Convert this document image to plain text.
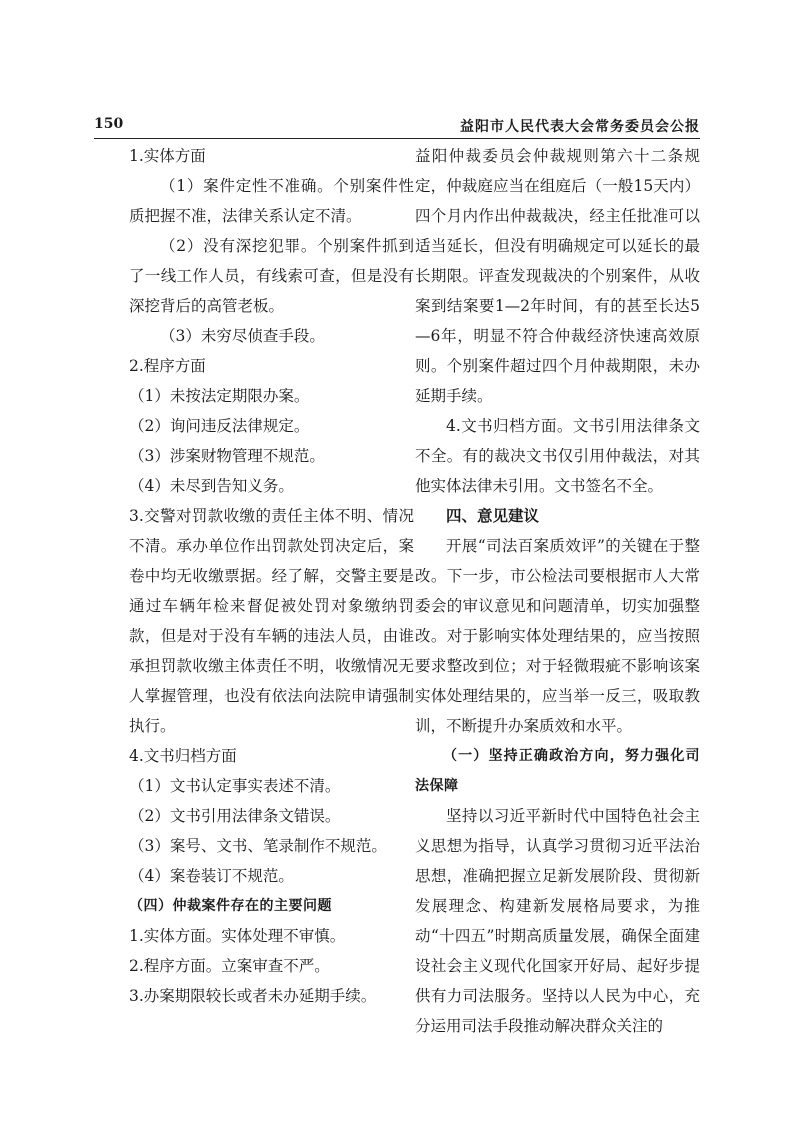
150	益阳市人民代表大会常务委员会公报

1.实体方面

（1）案件定性不准确。个别案件性质把握不准，法律关系认定不清。

（2）没有深挖犯罪。个别案件抓到了一线工作人员，有线索可查，但是没有深挖背后的高管老板。

（3）未穷尽侦查手段。

2.程序方面

（1）未按法定期限办案。

（2）询问违反法律规定。

（3）涉案财物管理不规范。

（4）未尽到告知义务。

3.交警对罚款收缴的责任主体不明、情况不清。承办单位作出罚款处罚决定后，案卷中均无收缴票据。经了解，交警主要是通过车辆年检来督促被处罚对象缴纳罚款，但是对于没有车辆的违法人员，由谁承担罚款收缴主体责任不明，收缴情况无人掌握管理，也没有依法向法院申请强制执行。

4.文书归档方面

（1）文书认定事实表述不清。

（2）文书引用法律条文错误。

（3）案号、文书、笔录制作不规范。

（4）案卷装订不规范。

（四）仲裁案件存在的主要问题

1.实体方面。实体处理不审慎。

2.程序方面。立案审查不严。

3.办案期限较长或者未办延期手续。

益阳仲裁委员会仲裁规则第六十二条规定，仲裁庭应当在组庭后（一般15天内）四个月内作出仲裁裁决，经主任批准可以适当延长，但没有明确规定可以延长的最长期限。评查发现裁决的个别案件，从收案到结案要1—2年时间，有的甚至长达5—6年，明显不符合仲裁经济快速高效原则。个别案件超过四个月仲裁期限，未办延期手续。

4.文书归档方面。文书引用法律条文不全。有的裁决文书仅引用仲裁法，对其他实体法律未引用。文书签名不全。

四、意见建议

开展“司法百案质效评”的关键在于整改。下一步，市公检法司要根据市人大常委会的审议意见和问题清单，切实加强整改。对于影响实体处理结果的，应当按照要求整改到位；对于轻微瑕疵不影响该案实体处理结果的，应当举一反三，吸取教训，不断提升办案质效和水平。

（一）坚持正确政治方向，努力强化司法保障

坚持以习近平新时代中国特色社会主义思想为指导，认真学习贯彻习近平法治思想，准确把握立足新发展阶段、贯彻新发展理念、构建新发展格局要求，为推动“十四五”时期高质量发展，确保全面建设社会主义现代化国家开好局、起好步提供有力司法服务。坚持以人民为中心，充分运用司法手段推动解决群众关注的
